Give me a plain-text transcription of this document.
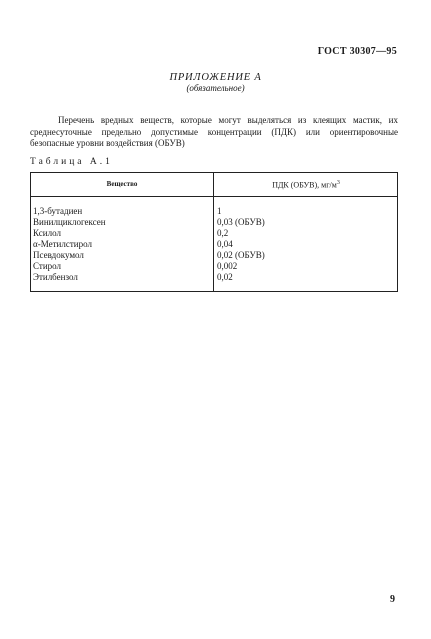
ГОСТ 30307—95
ПРИЛОЖЕНИЕ А
(обязательное)

Перечень вредных веществ, которые могут выделяться из клеящих мастик, их среднесуточные предельно допустимые концентрации (ПДК) или ориентировочные безопасные уровни воздействия (ОБУВ)

Таблица А.1
Вещество	ПДК (ОБУВ), $мг/м^3$
1,3-бутадиен	1
Винилциклогексен	0,03 (ОБУВ)
Ксилол	0,2
α-Метилстирол	0,04
Псевдокумол	0,02 (ОБУВ)
Стирол	0,002
Этилбензол	0,02
9
